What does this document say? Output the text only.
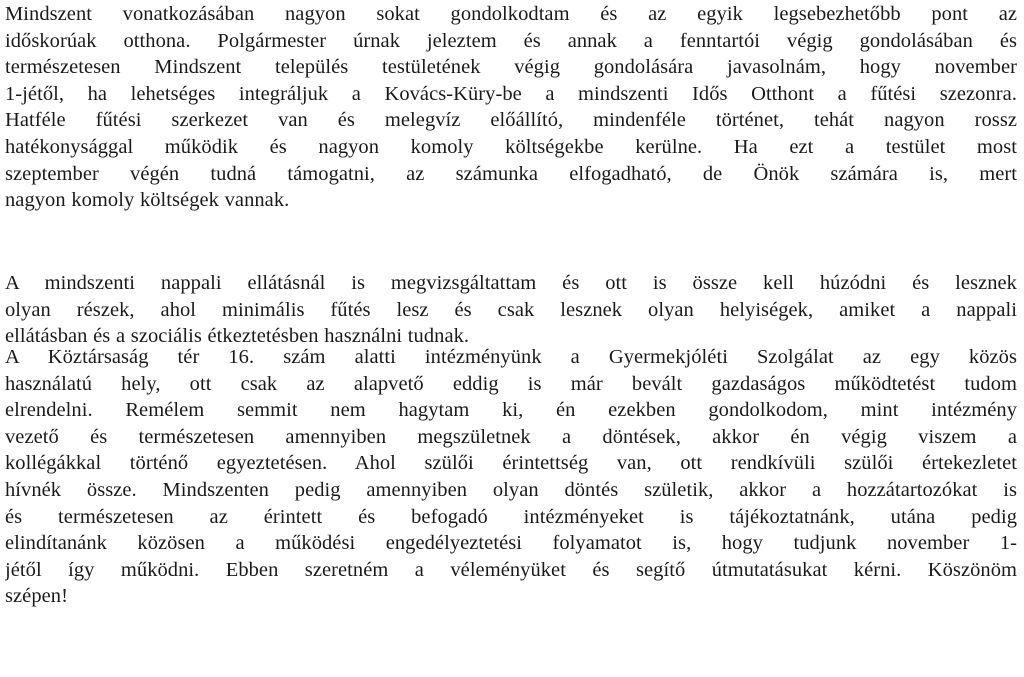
Mindszent vonatkozásában nagyon sokat gondolkodtam és az egyik legsebezhetőbb pont az
időskorúak otthona. Polgármester úrnak jeleztem és annak a fenntartói végig gondolásában és
természetesen Mindszent település testületének végig gondolására javasolnám, hogy november
1-jétől, ha lehetséges integráljuk a Kovács-Küry-be a mindszenti Idős Otthont a fűtési szezonra.
Hatféle fűtési szerkezet van és melegvíz előállító, mindenféle történet, tehát nagyon rossz
hatékonysággal működik és nagyon komoly költségekbe kerülne. Ha ezt a testület most
szeptember végén tudná támogatni, az számunka elfogadható, de Önök számára is, mert
nagyon komoly költségek vannak.
A mindszenti nappali ellátásnál is megvizsgáltattam és ott is össze kell húzódni és lesznek
olyan részek, ahol minimális fűtés lesz és csak lesznek olyan helyiségek, amiket a nappali
ellátásban és a szociális étkeztetésben használni tudnak.
A Köztársaság tér 16. szám alatti intézményünk a Gyermekjóléti Szolgálat az egy közös
használatú hely, ott csak az alapvető eddig is már bevált gazdaságos működtetést tudom
elrendelni. Remélem semmit nem hagytam ki, én ezekben gondolkodom, mint intézmény
vezető és természetesen amennyiben megszületnek a döntések, akkor én végig viszem a
kollégákkal történő egyeztetésen. Ahol szülői érintettség van, ott rendkívüli szülői értekezletet
hívnék össze. Mindszenten pedig amennyiben olyan döntés születik, akkor a hozzátartozókat is
és természetesen az érintett és befogadó intézményeket is tájékoztatnánk, utána pedig
elindítanánk közösen a működési engedélyeztetési folyamatot is, hogy tudjunk november 1-
jétől így működni. Ebben szeretném a véleményüket és segítő útmutatásukat kérni. Köszönöm
szépen!
